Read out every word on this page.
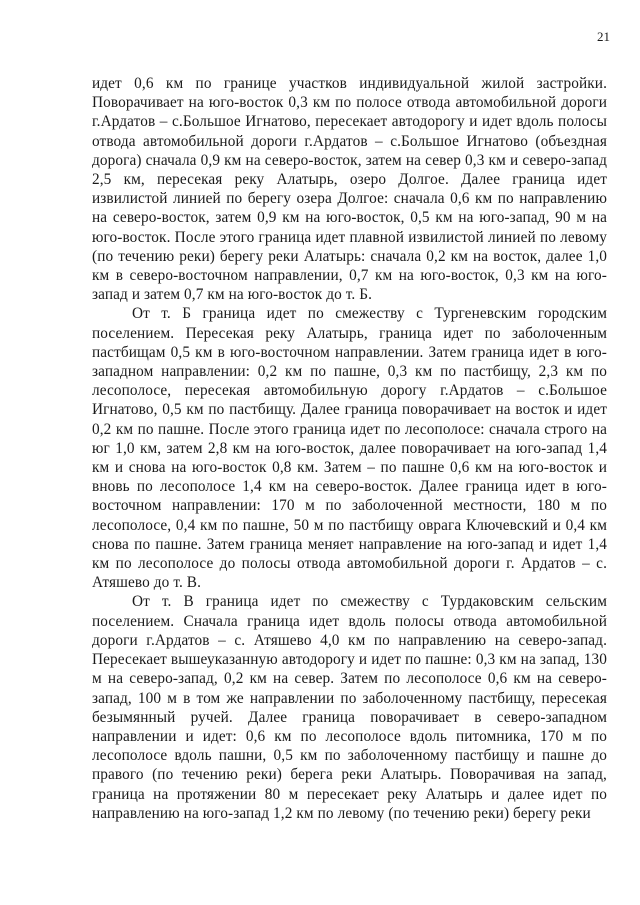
21

идет 0,6 км по границе участков индивидуальной жилой застройки. Поворачивает на юго-восток 0,3 км по полосе отвода автомобильной дороги г.Ардатов – с.Большое Игнатово, пересекает автодорогу и идет вдоль полосы отвода автомобильной дороги г.Ардатов – с.Большое Игнатово (объездная дорога) сначала 0,9 км на северо-восток, затем на север 0,3 км и северо-запад 2,5 км, пересекая реку Алатырь, озеро Долгое. Далее граница идет извилистой линией по берегу озера Долгое: сначала 0,6 км по направлению на северо-восток, затем 0,9 км на юго-восток, 0,5 км на юго-запад, 90 м на юго-восток. После этого граница идет плавной извилистой линией по левому (по течению реки) берегу реки Алатырь: сначала 0,2 км на восток, далее 1,0 км в северо-восточном направлении, 0,7 км на юго-восток, 0,3 км на юго-запад и затем 0,7 км на юго-восток до т. Б.

От т. Б граница идет по смежеству с Тургеневским городским поселением. Пересекая реку Алатырь, граница идет по заболоченным пастбищам 0,5 км в юго-восточном направлении. Затем граница идет в юго-западном направлении: 0,2 км по пашне, 0,3 км по пастбищу, 2,3 км по лесополосе, пересекая автомобильную дорогу г.Ардатов – с.Большое Игнатово, 0,5 км по пастбищу. Далее граница поворачивает на восток и идет 0,2 км по пашне. После этого граница идет по лесополосе: сначала строго на юг 1,0 км, затем 2,8 км на юго-восток, далее поворачивает на юго-запад 1,4 км и снова на юго-восток 0,8 км. Затем – по пашне 0,6 км на юго-восток и вновь по лесополосе 1,4 км на северо-восток. Далее граница идет в юго-восточном направлении: 170 м по заболоченной местности, 180 м по лесополосе, 0,4 км по пашне, 50 м по пастбищу оврага Ключевский и 0,4 км снова по пашне. Затем граница меняет направление на юго-запад и идет 1,4 км по лесополосе до полосы отвода автомобильной дороги г. Ардатов – с. Атяшево до т. В.

От т. В граница идет по смежеству с Турдаковским сельским поселением. Сначала граница идет вдоль полосы отвода автомобильной дороги г.Ардатов – с. Атяшево 4,0 км по направлению на северо-запад. Пересекает вышеуказанную автодорогу и идет по пашне: 0,3 км на запад, 130 м на северо-запад, 0,2 км на север. Затем по лесополосе 0,6 км на северо-запад, 100 м в том же направлении по заболоченному пастбищу, пересекая безымянный ручей. Далее граница поворачивает в северо-западном направлении и идет: 0,6 км по лесополосе вдоль питомника, 170 м по лесополосе вдоль пашни, 0,5 км по заболоченному пастбищу и пашне до правого (по течению реки) берега реки Алатырь. Поворачивая на запад, граница на протяжении 80 м пересекает реку Алатырь и далее идет по направлению на юго-запад 1,2 км по левому (по течению реки) берегу реки
